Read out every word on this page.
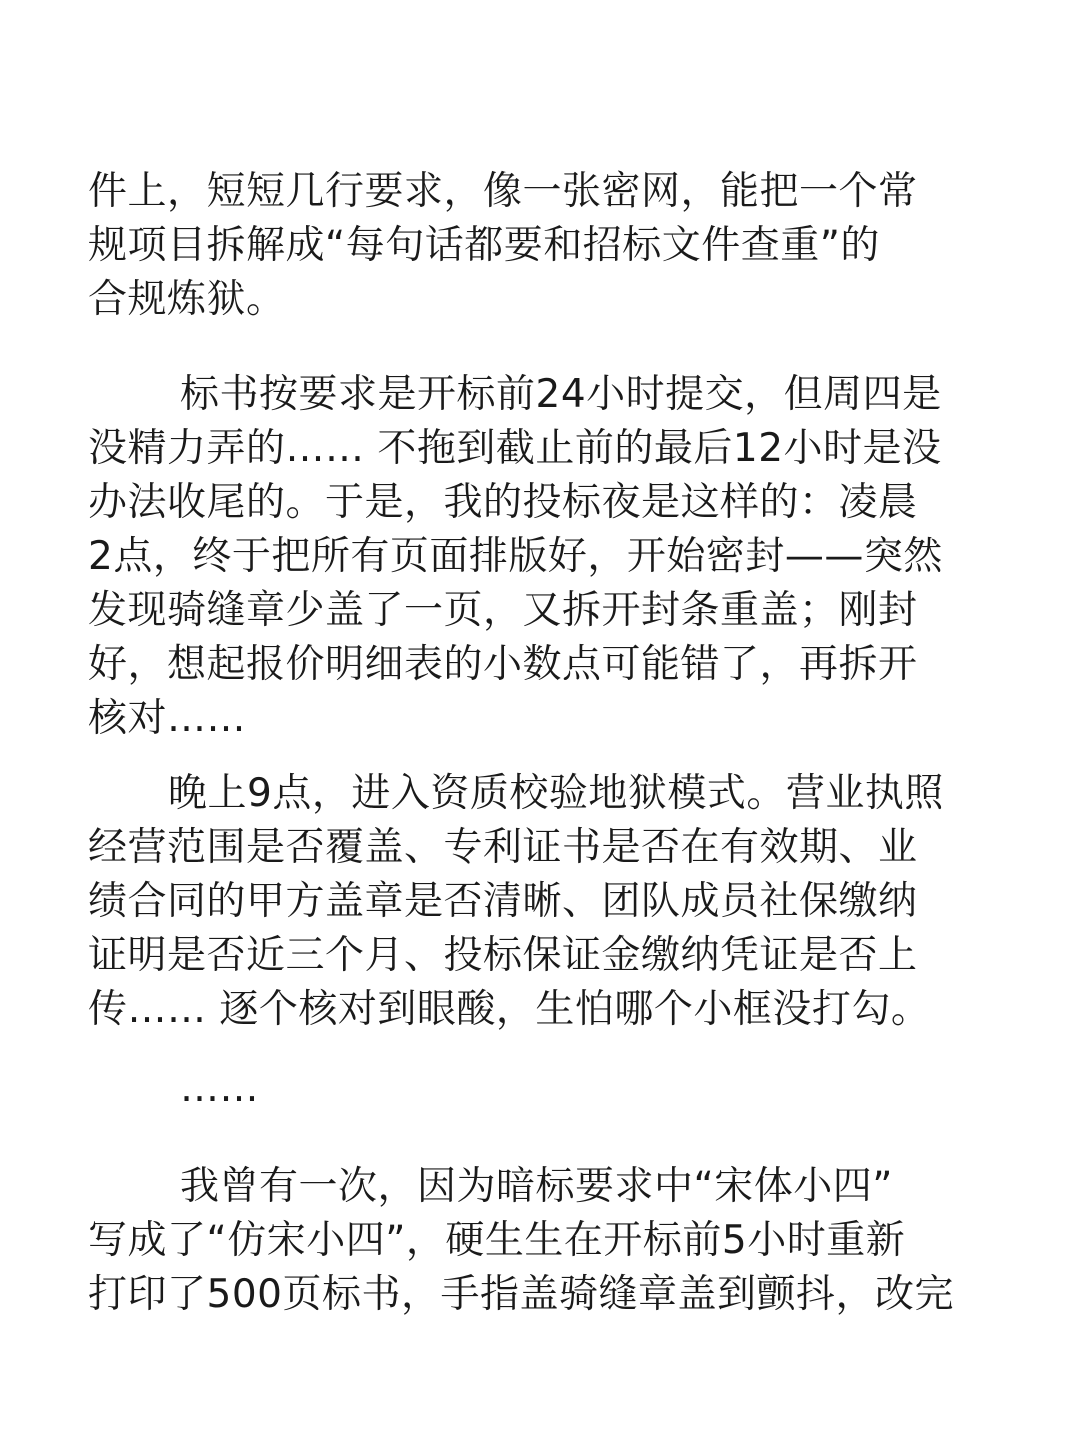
件上，短短几行要求，像一张密网，能把一个常
规项目拆解成“每句话都要和招标文件查重”的
合规炼狱。
标书按要求是开标前24小时提交，但周四是
没精力弄的…… 不拖到截止前的最后12小时是没
办法收尾的。于是，我的投标夜是这样的：凌晨
2点，终于把所有页面排版好，开始密封——突然
发现骑缝章少盖了一页，又拆开封条重盖；刚封
好，想起报价明细表的小数点可能错了，再拆开
核对……
晚上9点，进入资质校验地狱模式。营业执照
经营范围是否覆盖、专利证书是否在有效期、业
绩合同的甲方盖章是否清晰、团队成员社保缴纳
证明是否近三个月、投标保证金缴纳凭证是否上
传…… 逐个核对到眼酸，生怕哪个小框没打勾。
……
我曾有一次，因为暗标要求中“宋体小四”
写成了“仿宋小四”，硬生生在开标前5小时重新
打印了500页标书，手指盖骑缝章盖到颤抖，改完
